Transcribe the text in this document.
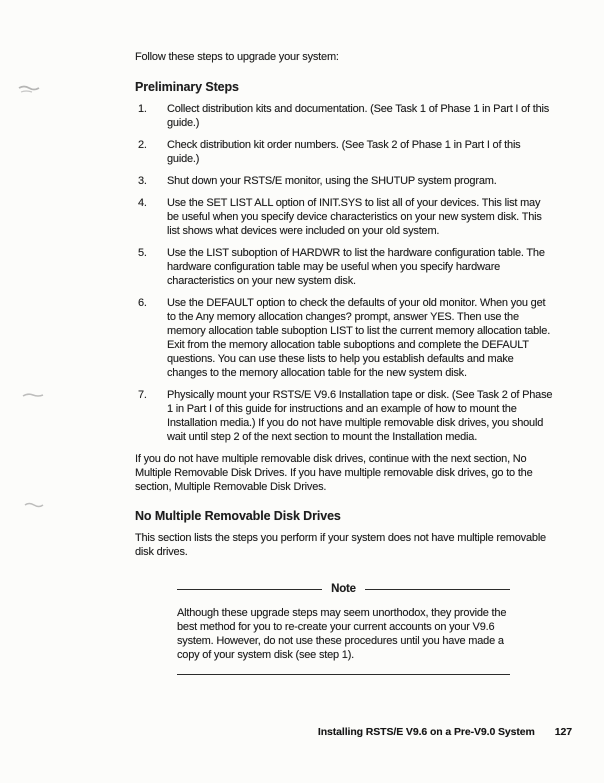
Follow these steps to upgrade your system:

Preliminary Steps
1.	Collect distribution kits and documentation. (See Task 1 of Phase 1 in Part I of this guide.)
2.	Check distribution kit order numbers. (See Task 2 of Phase 1 in Part I of this guide.)
3.	Shut down your RSTS/E monitor, using the SHUTUP system program.
4.	Use the SET LIST ALL option of INIT.SYS to list all of your devices. This list may be useful when you specify device characteristics on your new system disk. This list shows what devices were included on your old system.
5.	Use the LIST suboption of HARDWR to list the hardware configuration table. The hardware configuration table may be useful when you specify hardware characteristics on your new system disk.
6.	Use the DEFAULT option to check the defaults of your old monitor. When you get to the Any memory allocation changes? prompt, answer YES. Then use the memory allocation table suboption LIST to list the current memory allocation table. Exit from the memory allocation table suboptions and complete the DEFAULT questions. You can use these lists to help you establish defaults and make changes to the memory allocation table for the new system disk.
7.	Physically mount your RSTS/E V9.6 Installation tape or disk. (See Task 2 of Phase 1 in Part I of this guide for instructions and an example of how to mount the Installation media.) If you do not have multiple removable disk drives, you should wait until step 2 of the next section to mount the Installation media.

If you do not have multiple removable disk drives, continue with the next section, No Multiple Removable Disk Drives. If you have multiple removable disk drives, go to the section, Multiple Removable Disk Drives.

No Multiple Removable Disk Drives

This section lists the steps you perform if your system does not have multiple removable disk drives.

Note

Although these upgrade steps may seem unorthodox, they provide the best method for you to re-create your current accounts on your V9.6 system. However, do not use these procedures until you have made a copy of your system disk (see step 1).

Installing RSTS/E V9.6 on a Pre-V9.0 System 127
